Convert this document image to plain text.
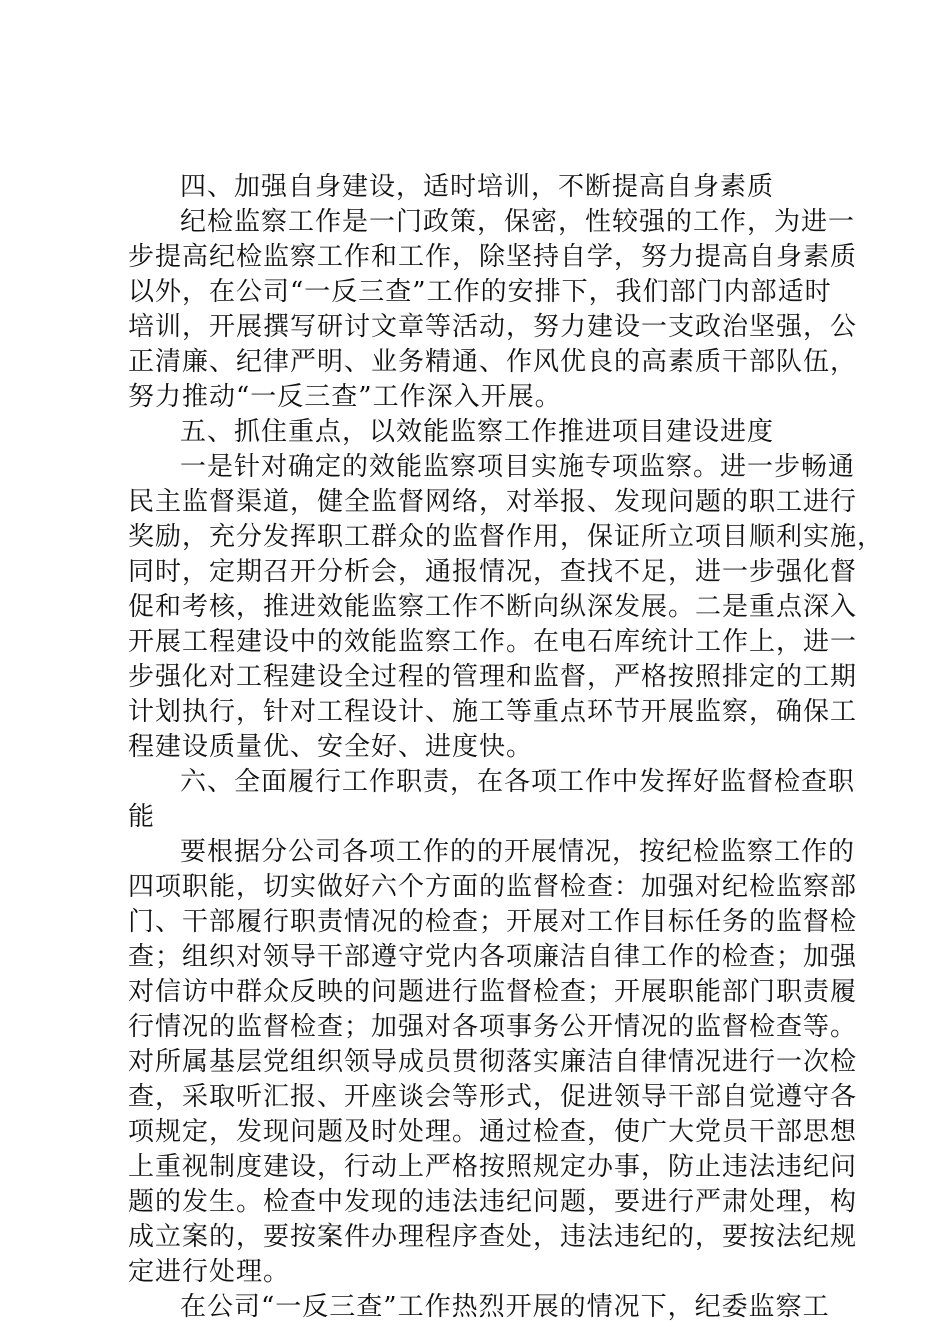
四、加强自身建设，适时培训，不断提高自身素质
纪检监察工作是一门政策，保密，性较强的工作，为进一
步提高纪检监察工作和工作，除坚持自学，努力提高自身素质
以外，在公司“一反三查”工作的安排下，我们部门内部适时
培训，开展撰写研讨文章等活动，努力建设一支政治坚强，公
正清廉、纪律严明、业务精通、作风优良的高素质干部队伍，
努力推动“一反三查”工作深入开展。
五、抓住重点，以效能监察工作推进项目建设进度
一是针对确定的效能监察项目实施专项监察。进一步畅通
民主监督渠道，健全监督网络，对举报、发现问题的职工进行
奖励，充分发挥职工群众的监督作用，保证所立项目顺利实施，
同时，定期召开分析会，通报情况，查找不足，进一步强化督
促和考核，推进效能监察工作不断向纵深发展。二是重点深入
开展工程建设中的效能监察工作。在电石库统计工作上，进一
步强化对工程建设全过程的管理和监督，严格按照排定的工期
计划执行，针对工程设计、施工等重点环节开展监察，确保工
程建设质量优、安全好、进度快。
六、全面履行工作职责，在各项工作中发挥好监督检查职
能
要根据分公司各项工作的的开展情况，按纪检监察工作的
四项职能，切实做好六个方面的监督检查：加强对纪检监察部
门、干部履行职责情况的检查；开展对工作目标任务的监督检
查；组织对领导干部遵守党内各项廉洁自律工作的检查；加强
对信访中群众反映的问题进行监督检查；开展职能部门职责履
行情况的监督检查；加强对各项事务公开情况的监督检查等。
对所属基层党组织领导成员贯彻落实廉洁自律情况进行一次检
查，采取听汇报、开座谈会等形式，促进领导干部自觉遵守各
项规定，发现问题及时处理。通过检查，使广大党员干部思想
上重视制度建设，行动上严格按照规定办事，防止违法违纪问
题的发生。检查中发现的违法违纪问题，要进行严肃处理，构
成立案的，要按案件办理程序查处，违法违纪的，要按法纪规
定进行处理。
在公司“一反三查”工作热烈开展的情况下，纪委监察工
